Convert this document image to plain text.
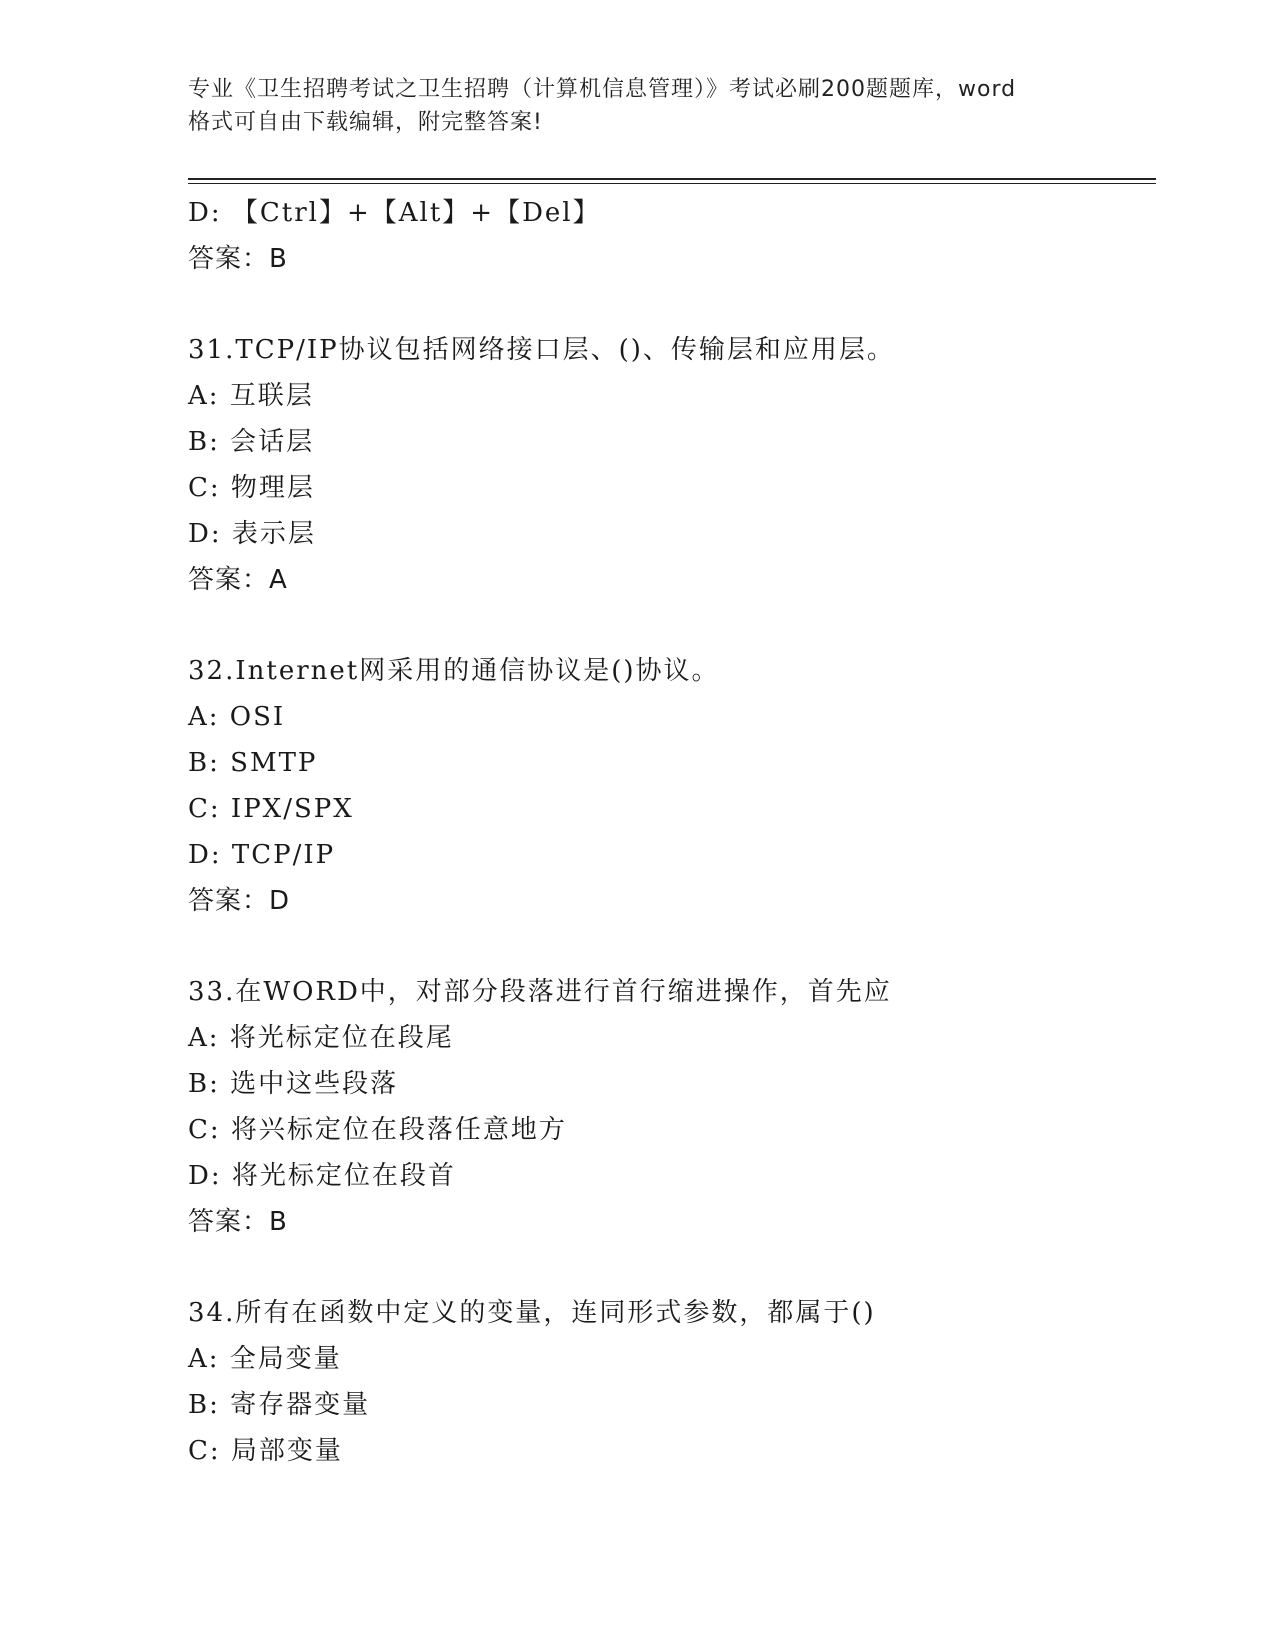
专业《卫生招聘考试之卫生招聘（计算机信息管理）》考试必刷200题题库，word
格式可自由下载编辑，附完整答案!
D: 【Ctrl】+【Alt】+【Del】
答案：B
31.TCP/IP协议包括网络接口层、()、传输层和应用层。
A: 互联层
B: 会话层
C: 物理层
D: 表示层
答案：A
32.Internet网采用的通信协议是()协议。
A: OSI
B: SMTP
C: IPX/SPX
D: TCP/IP
答案：D
33.在WORD中，对部分段落进行首行缩进操作，首先应
A: 将光标定位在段尾
B: 选中这些段落
C: 将兴标定位在段落任意地方
D: 将光标定位在段首
答案：B
34.所有在函数中定义的变量，连同形式参数，都属于()
A: 全局变量
B: 寄存器变量
C: 局部变量
